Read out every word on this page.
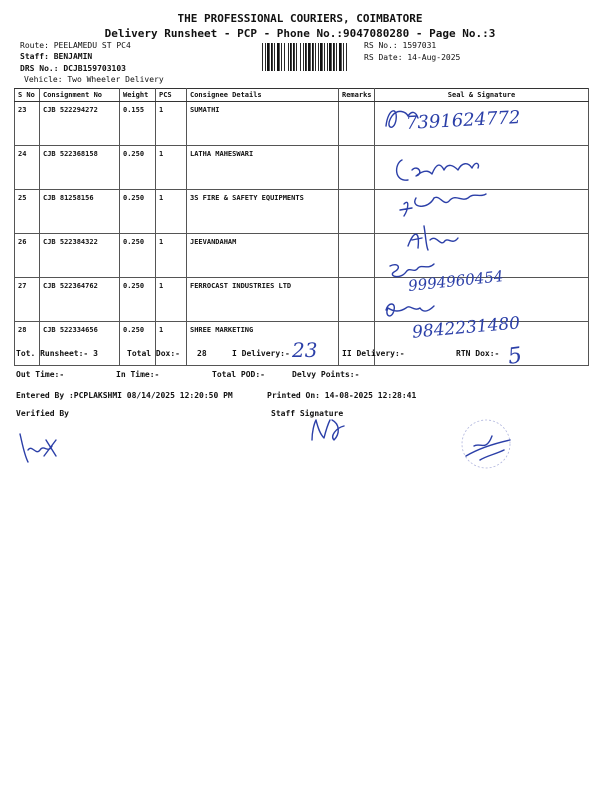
THE PROFESSIONAL COURIERS, COIMBATORE
Delivery Runsheet - PCP - Phone No.:9047080280 - Page No.:3
Route: PEELAMEDU ST PC4
Staff: BENJAMIN
DRS No.: DCJB159703103
Vehicle: Two Wheeler Delivery
RS No.: 1597031
RS Date: 14-Aug-2025
S No	Consignment No	Weight	PCS	Consignee Details	Remarks	Seal & Signature
23	CJB 522294272	0.155	1	SUMATHI		
24	CJB 522368158	0.250	1	LATHA MAHESWARI		
25	CJB 81258156	0.250	1	3S FIRE & SAFETY EQUIPMENTS		
26	CJB 522384322	0.250	1	JEEVANDAHAM		
27	CJB 522364762	0.250	1	FERROCAST INDUSTRIES LTD		
28	CJB 522334656	0.250	1	SHREE MARKETING		
7391624772
9994960454
9842231480
Tot. Runsheet:- 3	Total Dox:- 28	I Delivery:-	II Delivery:-	RTN Dox:-
23	5
Out Time:-	In Time:-	Total POD:-	Delvy Points:-
Entered By :PCPLAKSHMI 08/14/2025 12:20:50 PM	Printed On: 14-08-2025 12:28:41
Verified By	Staff Signature
